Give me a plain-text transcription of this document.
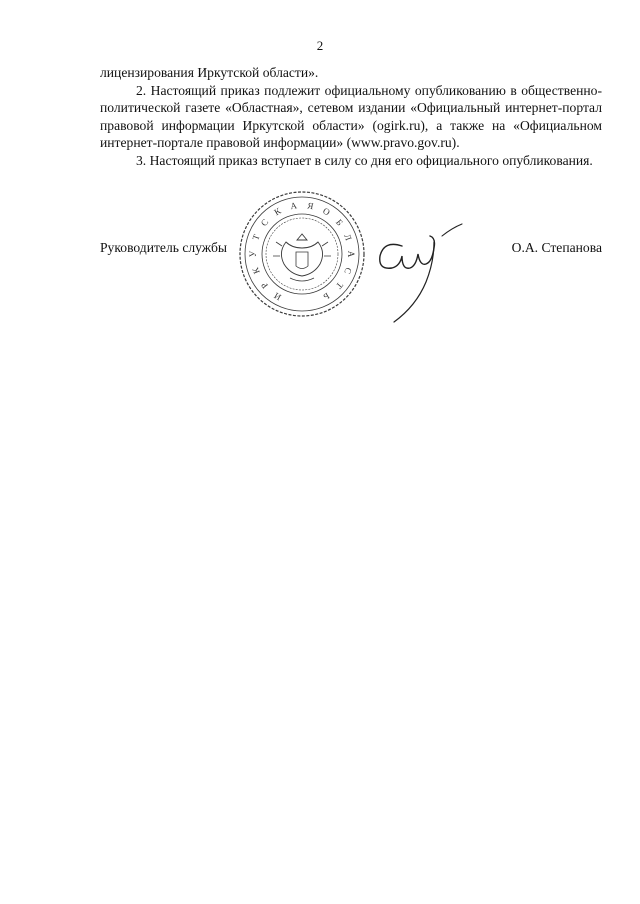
2

лицензирования Иркутской области».

2. Настоящий приказ подлежит официальному опубликованию в общественно-политической газете «Областная», сетевом издании «Официальный интернет-портал правовой информации Иркутской области» (ogirk.ru), а также на «Официальном интернет-портале правовой информации» (www.pravo.gov.ru).

3. Настоящий приказ вступает в силу со дня его официального опубликования.

Руководитель службы	О.А. Степанова
И
Р
К
У
Т
С
К А Я О
Б
Л
А
С
Т
Ь
